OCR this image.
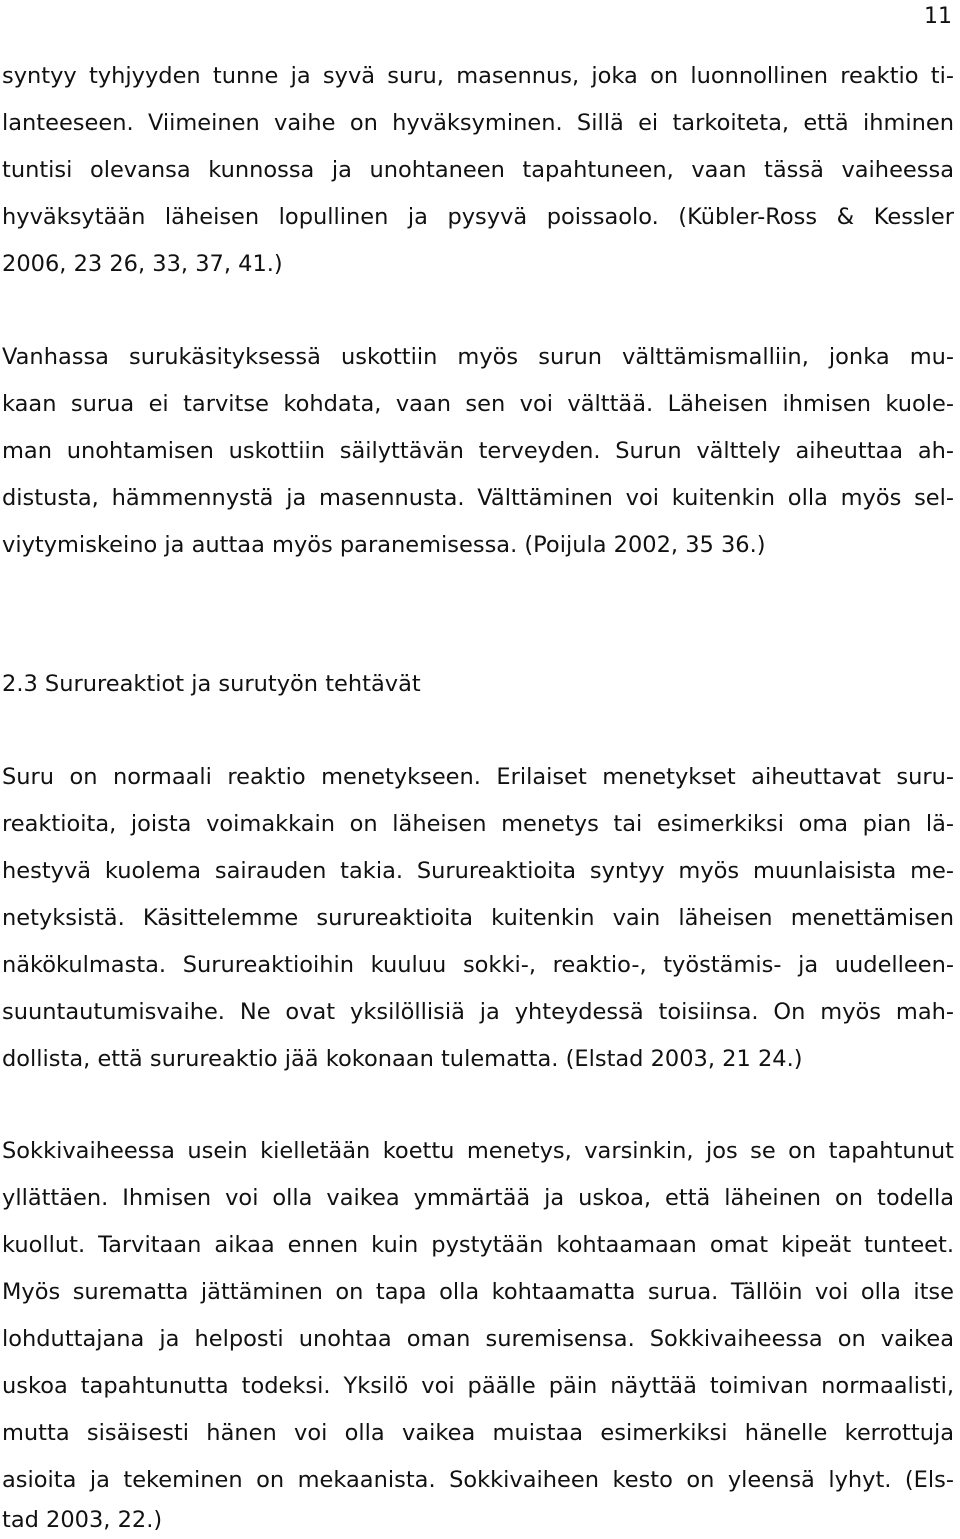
11
syntyy tyhjyyden tunne ja syvä suru, masennus, joka on luonnollinen reaktio ti-
lanteeseen. Viimeinen vaihe on hyväksyminen. Sillä ei tarkoiteta, että ihminen
tuntisi olevansa kunnossa ja unohtaneen tapahtuneen, vaan tässä vaiheessa
hyväksytään läheisen lopullinen ja pysyvä poissaolo. (Kübler-Ross & Kessler
2006, 23 26, 33, 37, 41.)
Vanhassa surukäsityksessä uskottiin myös surun välttämismalliin, jonka mu-
kaan surua ei tarvitse kohdata, vaan sen voi välttää. Läheisen ihmisen kuole-
man unohtamisen uskottiin säilyttävän terveyden. Surun välttely aiheuttaa ah-
distusta, hämmennystä ja masennusta. Välttäminen voi kuitenkin olla myös sel-
viytymiskeino ja auttaa myös paranemisessa. (Poijula 2002, 35 36.)
2.3 Surureaktiot ja surutyön tehtävät
Suru on normaali reaktio menetykseen. Erilaiset menetykset aiheuttavat suru-
reaktioita, joista voimakkain on läheisen menetys tai esimerkiksi oma pian lä-
hestyvä kuolema sairauden takia. Surureaktioita syntyy myös muunlaisista me-
netyksistä. Käsittelemme surureaktioita kuitenkin vain läheisen menettämisen
näkökulmasta. Surureaktioihin kuuluu sokki-, reaktio-, työstämis- ja uudelleen-
suuntautumisvaihe. Ne ovat yksilöllisiä ja yhteydessä toisiinsa. On myös mah-
dollista, että surureaktio jää kokonaan tulematta. (Elstad 2003, 21 24.)
Sokkivaiheessa usein kielletään koettu menetys, varsinkin, jos se on tapahtunut
yllättäen. Ihmisen voi olla vaikea ymmärtää ja uskoa, että läheinen on todella
kuollut. Tarvitaan aikaa ennen kuin pystytään kohtaamaan omat kipeät tunteet.
Myös surematta jättäminen on tapa olla kohtaamatta surua. Tällöin voi olla itse
lohduttajana ja helposti unohtaa oman suremisensa. Sokkivaiheessa on vaikea
uskoa tapahtunutta todeksi. Yksilö voi päälle päin näyttää toimivan normaalisti,
mutta sisäisesti hänen voi olla vaikea muistaa esimerkiksi hänelle kerrottuja
asioita ja tekeminen on mekaanista. Sokkivaiheen kesto on yleensä lyhyt. (Els-
tad 2003, 22.)
